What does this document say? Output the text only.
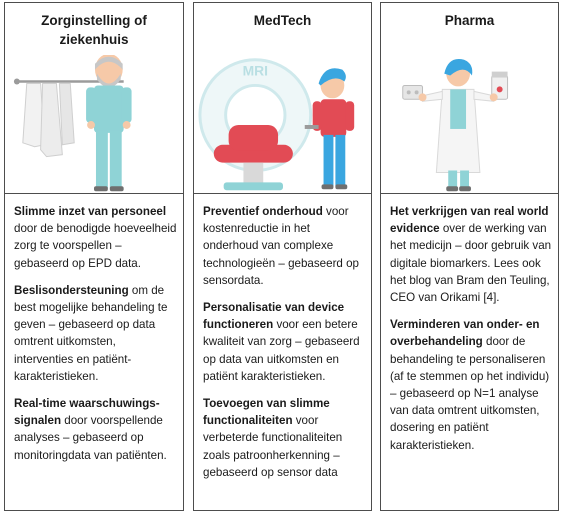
Zorginstelling of ziekenhuis

Slimme inzet van personeel door de benodigde hoeveelheid zorg te voorspellen – gebaseerd op EPD data.

Beslisondersteuning om de best mogelijke behandeling te geven – gebaseerd op data omtrent uitkomsten, interventies en patiënt-karakteristieken.

Real-time waarschuwings-signalen door voorspellende analyses – gebaseerd op monitoringdata van patiënten.

MedTech
MRI

Preventief onderhoud voor kostenreductie in het onderhoud van complexe technologieën – gebaseerd op sensordata.

Personalisatie van device functioneren voor een betere kwaliteit van zorg – gebaseerd op data van uitkomsten en patiënt karakteristieken.

Toevoegen van slimme functionaliteiten voor verbeterde functionaliteiten zoals patroonherkenning – gebaseerd op sensor data

Pharma

Het verkrijgen van real world evidence over de werking van het medicijn – door gebruik van digitale biomarkers. Lees ook het blog van Bram den Teuling, CEO van Orikami [4].

Verminderen van onder- en overbehandeling door de behandeling te personaliseren (af te stemmen op het individu) – gebaseerd op N=1 analyse van data omtrent uitkomsten, dosering en patiënt karakteristieken.
